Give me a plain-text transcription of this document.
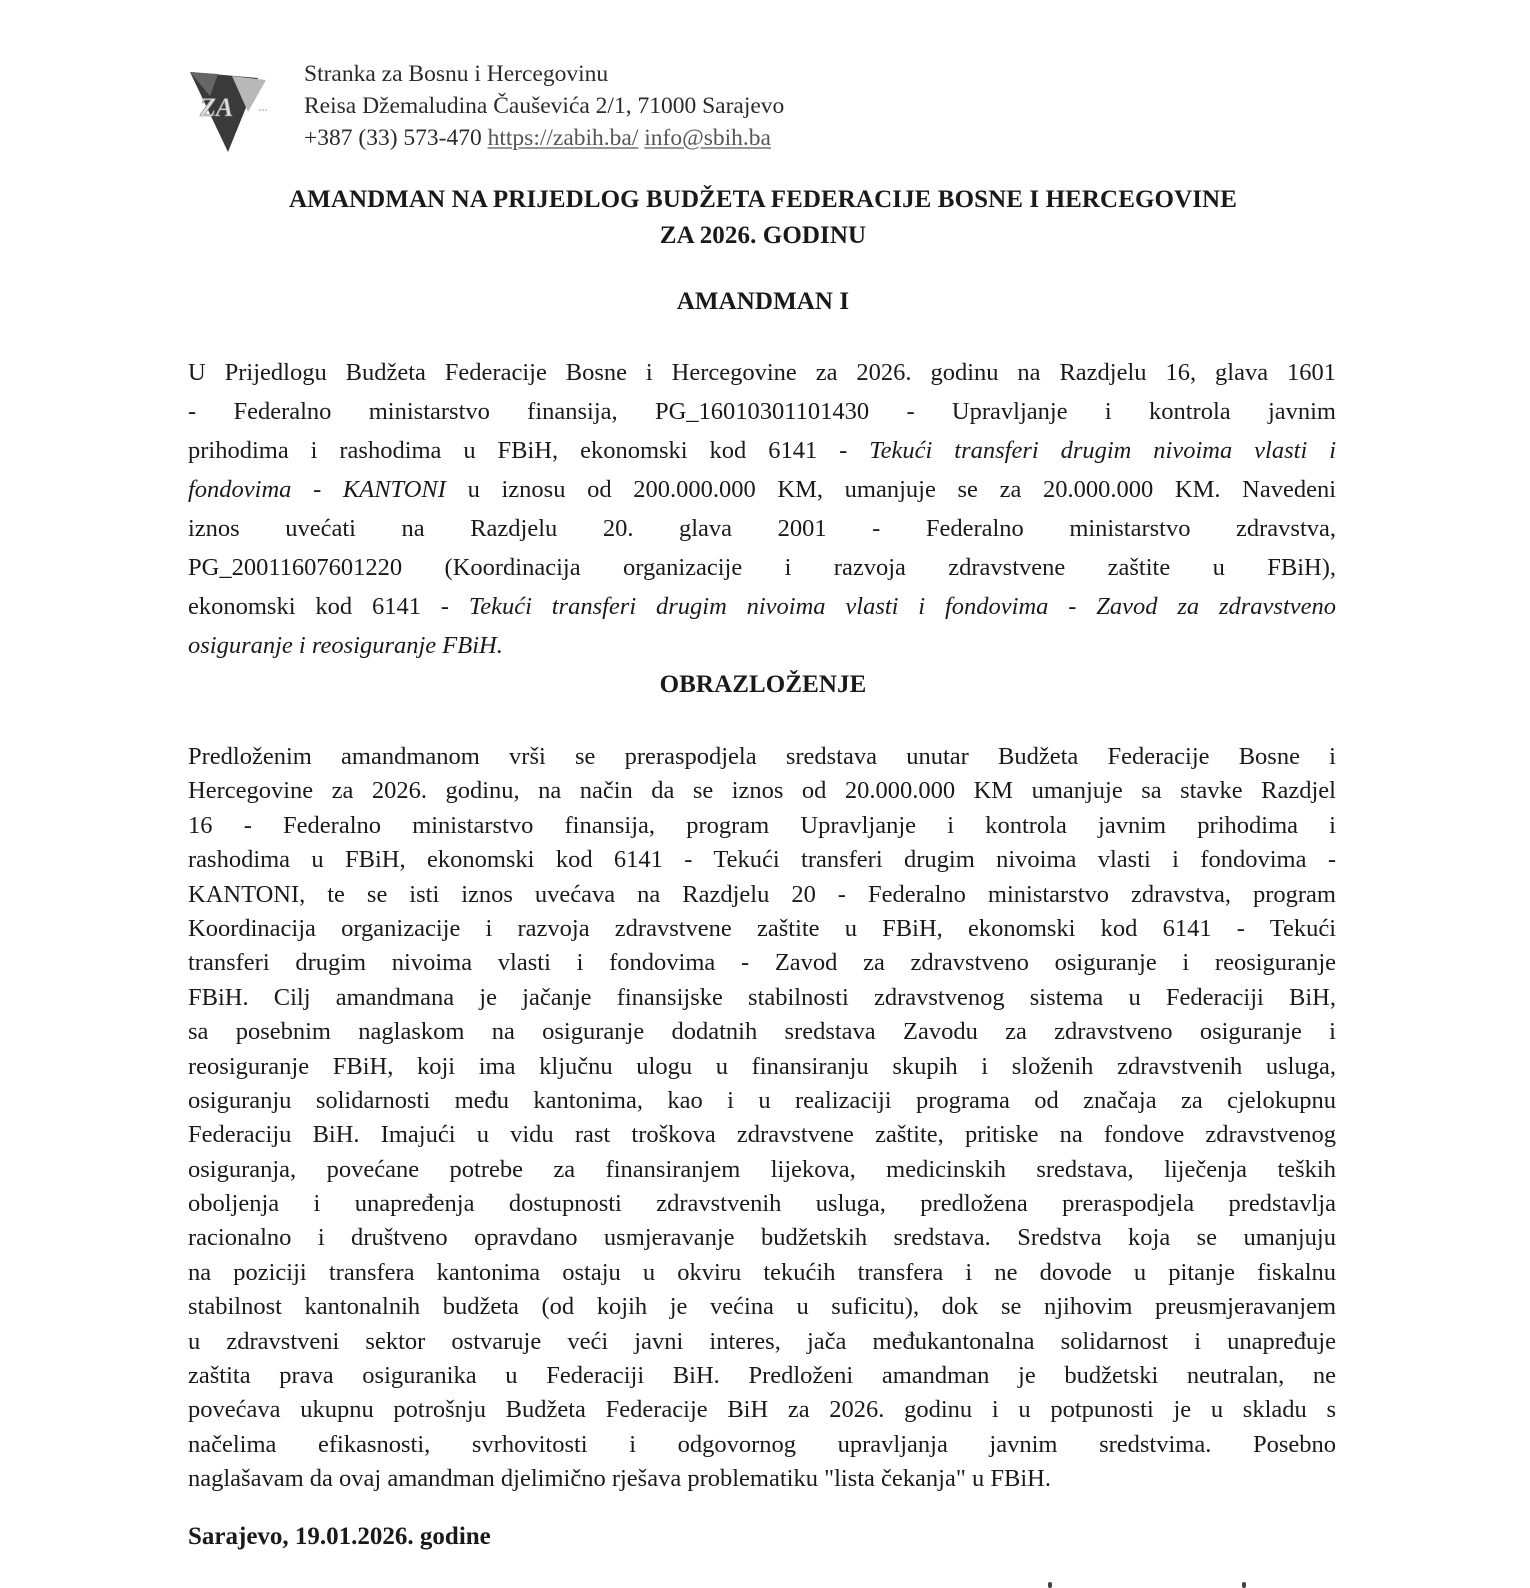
ZA
Stranka za Bosnu i Hercegovinu
Reisa Džemaludina Čauševića 2/1, 71000 Sarajevo
+387 (33) 573-470 https://zabih.ba/ info@sbih.ba
AMANDMAN NA PRIJEDLOG BUDŽETA FEDERACIJE BOSNE I HERCEGOVINE
ZA 2026. GODINU
AMANDMAN I
U Prijedlogu Budžeta Federacije Bosne i Hercegovine za 2026. godinu na Razdjelu 16, glava 1601
- Federalno ministarstvo finansija, PG_16010301101430 - Upravljanje i kontrola javnim
prihodima i rashodima u FBiH, ekonomski kod 6141 - Tekući transferi drugim nivoima vlasti i
fondovima - KANTONI u iznosu od 200.000.000 KM, umanjuje se za 20.000.000 KM. Navedeni
iznos uvećati na Razdjelu 20. glava 2001 - Federalno ministarstvo zdravstva,
PG_20011607601220 (Koordinacija organizacije i razvoja zdravstvene zaštite u FBiH),
ekonomski kod 6141 - Tekući transferi drugim nivoima vlasti i fondovima - Zavod za zdravstveno
osiguranje i reosiguranje FBiH.
OBRAZLOŽENJE
Predloženim amandmanom vrši se preraspodjela sredstava unutar Budžeta Federacije Bosne i
Hercegovine za 2026. godinu, na način da se iznos od 20.000.000 KM umanjuje sa stavke Razdjel
16 - Federalno ministarstvo finansija, program Upravljanje i kontrola javnim prihodima i
rashodima u FBiH, ekonomski kod 6141 - Tekući transferi drugim nivoima vlasti i fondovima -
KANTONI, te se isti iznos uvećava na Razdjelu 20 - Federalno ministarstvo zdravstva, program
Koordinacija organizacije i razvoja zdravstvene zaštite u FBiH, ekonomski kod 6141 - Tekući
transferi drugim nivoima vlasti i fondovima - Zavod za zdravstveno osiguranje i reosiguranje
FBiH. Cilj amandmana je jačanje finansijske stabilnosti zdravstvenog sistema u Federaciji BiH,
sa posebnim naglaskom na osiguranje dodatnih sredstava Zavodu za zdravstveno osiguranje i
reosiguranje FBiH, koji ima ključnu ulogu u finansiranju skupih i složenih zdravstvenih usluga,
osiguranju solidarnosti među kantonima, kao i u realizaciji programa od značaja za cjelokupnu
Federaciju BiH. Imajući u vidu rast troškova zdravstvene zaštite, pritiske na fondove zdravstvenog
osiguranja, povećane potrebe za finansiranjem lijekova, medicinskih sredstava, liječenja teških
oboljenja i unapređenja dostupnosti zdravstvenih usluga, predložena preraspodjela predstavlja
racionalno i društveno opravdano usmjeravanje budžetskih sredstava. Sredstva koja se umanjuju
na poziciji transfera kantonima ostaju u okviru tekućih transfera i ne dovode u pitanje fiskalnu
stabilnost kantonalnih budžeta (od kojih je većina u suficitu), dok se njihovim preusmjeravanjem
u zdravstveni sektor ostvaruje veći javni interes, jača međukantonalna solidarnost i unapređuje
zaštita prava osiguranika u Federaciji BiH. Predloženi amandman je budžetski neutralan, ne
povećava ukupnu potrošnju Budžeta Federacije BiH za 2026. godinu i u potpunosti je u skladu s
načelima efikasnosti, svrhovitosti i odgovornog upravljanja javnim sredstvima. Posebno
naglašavam da ovaj amandman djelimično rješava problematiku "lista čekanja" u FBiH.
Sarajevo, 19.01.2026. godine
